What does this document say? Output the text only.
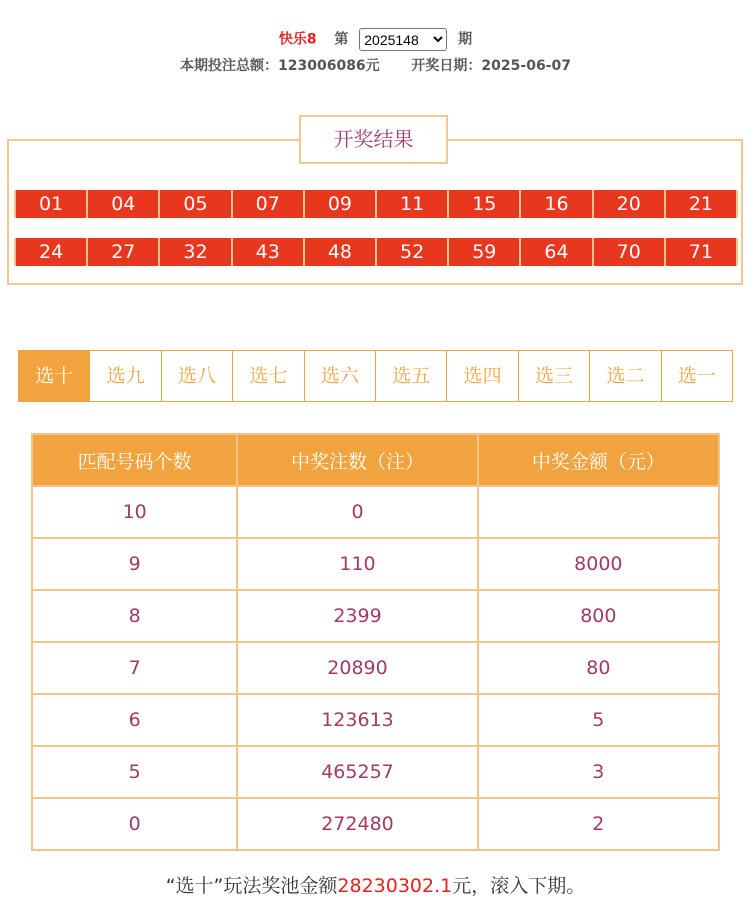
快乐8 第
2025148	期
本期投注总额：123006086元 开奖日期：2025-06-07
开奖结果
01	04	05	07	09	11	15	16	20	21
24	27	32	43	48	52	59	64	70	71
选十	选九	选八	选七	选六	选五	选四	选三	选二	选一
匹配号码个数	中奖注数（注）	中奖金额（元）
10	0	
9	110	8000
8	2399	800
7	20890	80
6	123613	5
5	465257	3
0	272480	2
“选十”玩法奖池金额28230302.1元，滚入下期。
